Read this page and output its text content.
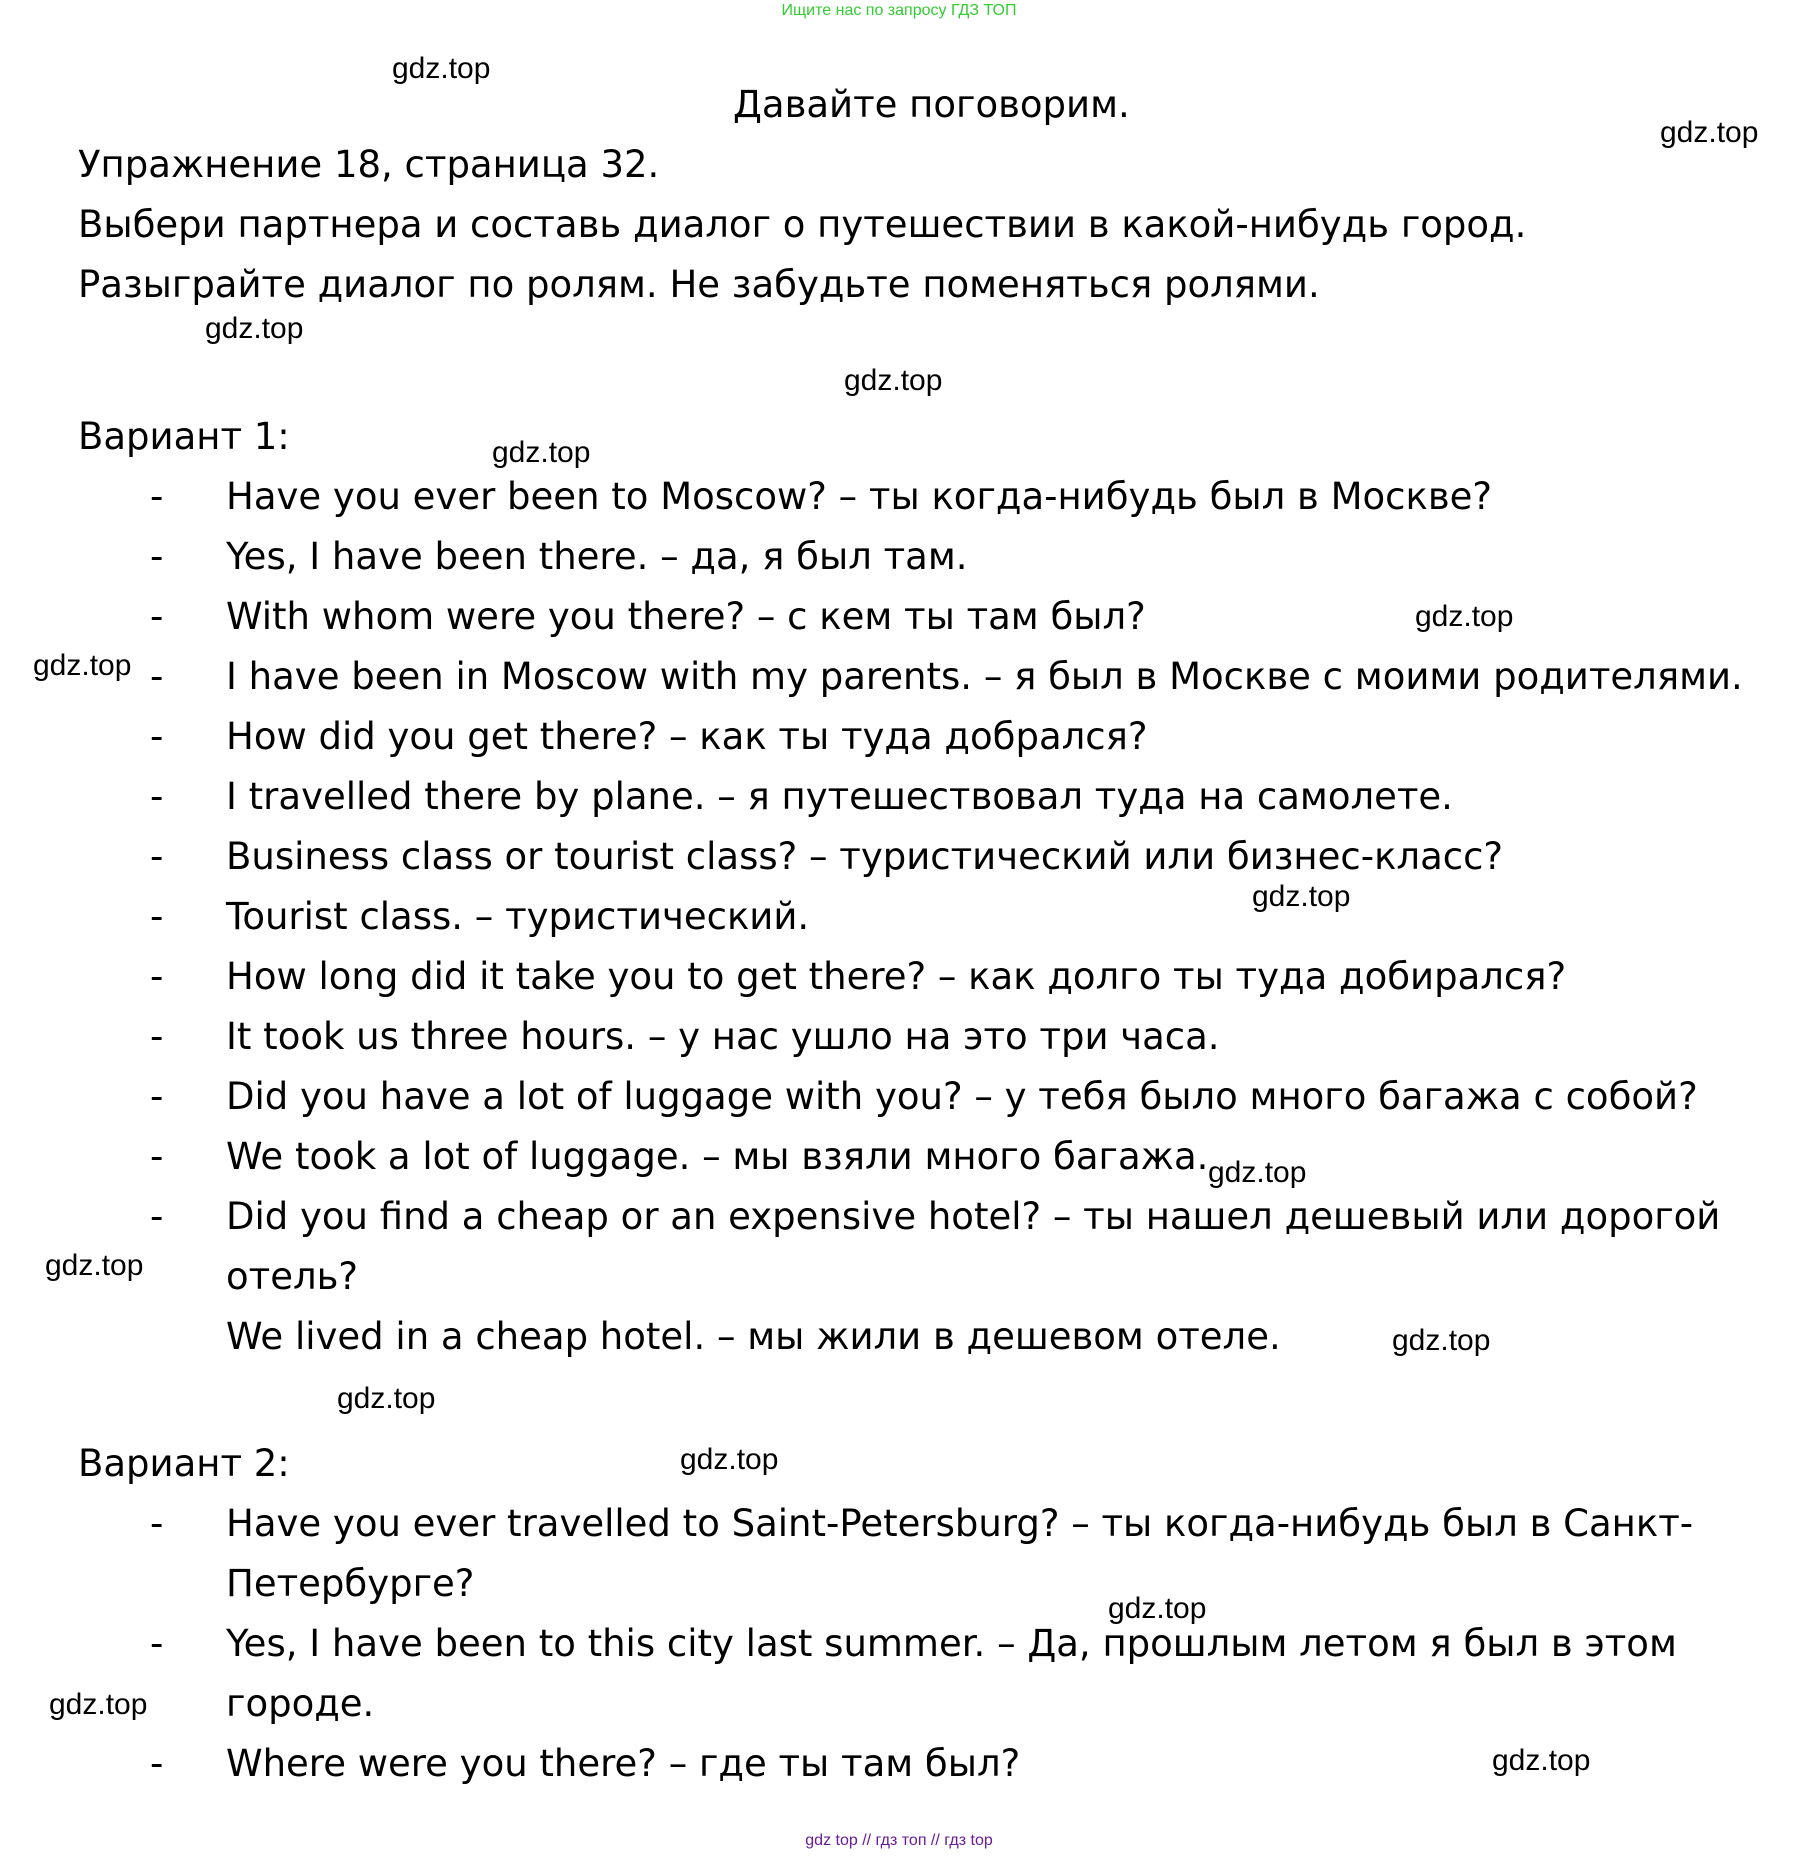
Ищите нас по запросу ГДЗ ТОП
Давайте поговорим.
Упражнение 18, страница 32.
Выбери партнера и составь диалог о путешествии в какой-нибудь город. Разыграйте диалог по ролям. Не забудьте поменяться ролями.
Вариант 1:
- Have you ever been to Moscow? – ты когда-нибудь был в Москве?
- Yes, I have been there. – да, я был там.
- With whom were you there? – с кем ты там был?
- I have been in Moscow with my parents. – я был в Москве с моими родителями.
- How did you get there? – как ты туда добрался?
- I travelled there by plane. – я путешествовал туда на самолете.
- Business class or tourist class? – туристический или бизнес-класс?
- Tourist class. – туристический.
- How long did it take you to get there? – как долго ты туда добирался?
- It took us three hours. – у нас ушло на это три часа.
- Did you have a lot of luggage with you? – у тебя было много багажа с собой?
- We took a lot of luggage. – мы взяли много багажа.
- Did you find a cheap or an expensive hotel? – ты нашел дешевый или дорогой
отель?
We lived in a cheap hotel. – мы жили в дешевом отеле.
Вариант 2:
- Have you ever travelled to Saint-Petersburg? – ты когда-нибудь был в Санкт-
Петербурге?
- Yes, I have been to this city last summer. – Да, прошлым летом я был в этом
городе.
- Where were you there? – где ты там был?
gdz.top
gdz.top
gdz.top
gdz.top
gdz.top
gdz.top
gdz.top
gdz.top
gdz.top
gdz.top
gdz.top
gdz.top
gdz.top
gdz.top
gdz.top
gdz.top
gdz top // гдз топ // гдз top
